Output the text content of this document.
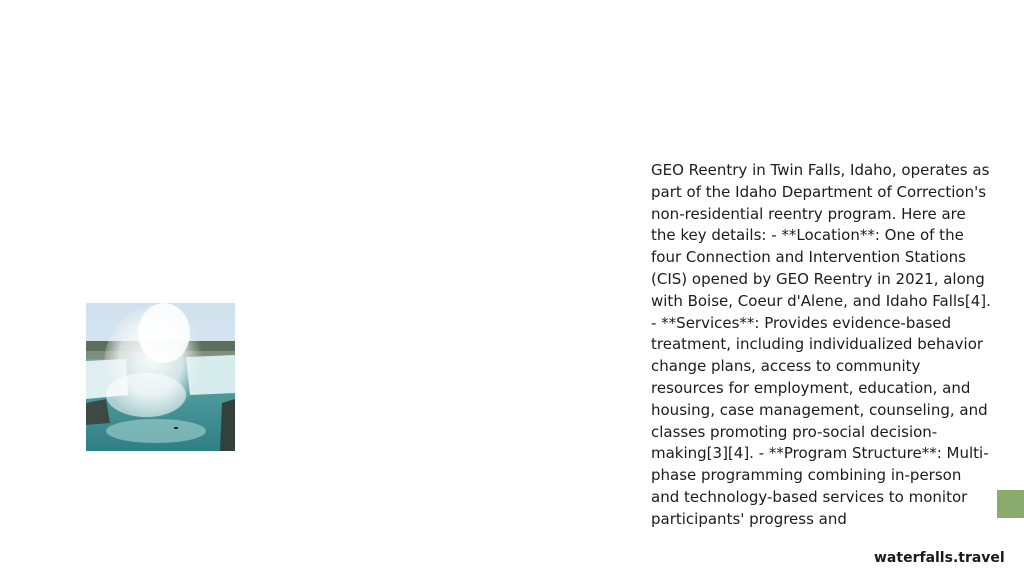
GEO Reentry in Twin Falls, Idaho, operates as part of the Idaho Department of Correction's non-residential reentry program. Here are the key details: - **Location**: One of the four Connection and Intervention Stations (CIS) opened by GEO Reentry in 2021, along with Boise, Coeur d'Alene, and Idaho Falls[4]. - **Services**: Provides evidence-based treatment, including individualized behavior change plans, access to community resources for employment, education, and housing, case management, counseling, and classes promoting pro-social decision-making[3][4]. - **Program Structure**: Multi-phase programming combining in-person and technology-based services to monitor participants' progress and

waterfalls.travel
